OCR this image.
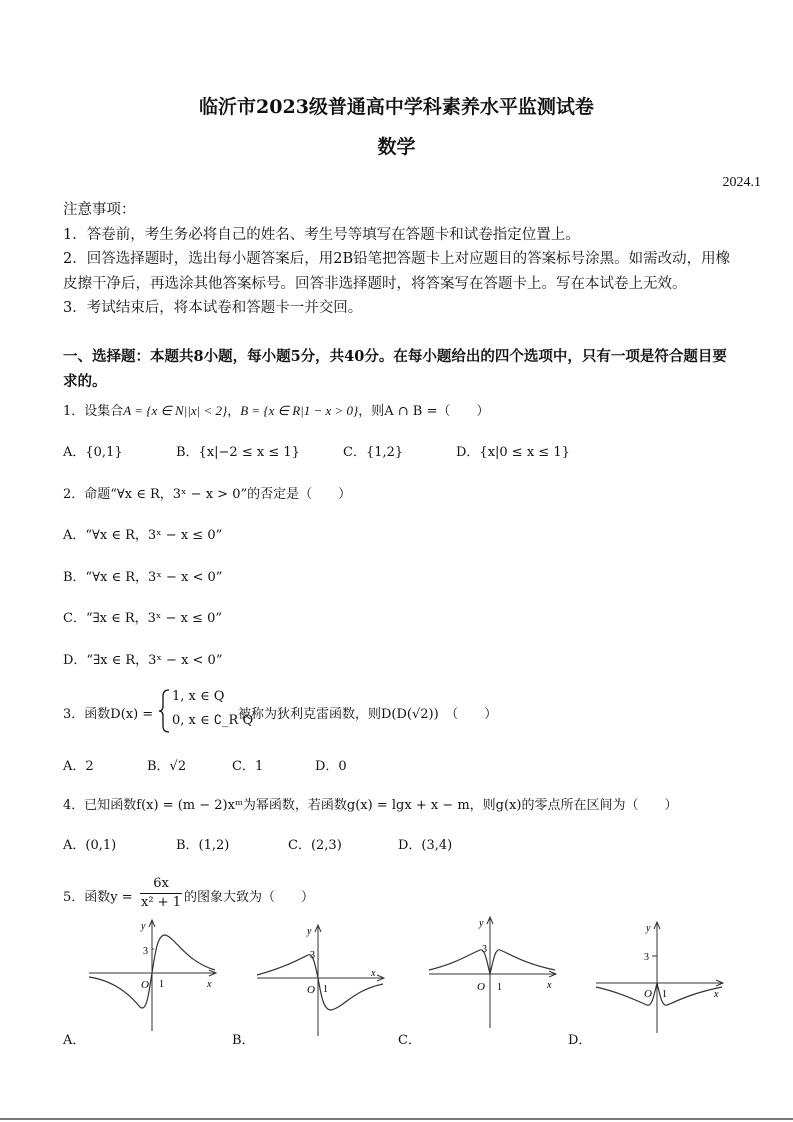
临沂市2023级普通高中学科素养水平监测试卷
数学
2024.1
注意事项：
1．答卷前，考生务必将自己的姓名、考生号等填写在答题卡和试卷指定位置上。
2．回答选择题时，选出每小题答案后，用2B铅笔把答题卡上对应题目的答案标号涂黑。如需改动，用橡皮擦干净后，再选涂其他答案标号。回答非选择题时，将答案写在答题卡上。写在本试卷上无效。
3．考试结束后，将本试卷和答题卡一并交回。
一、选择题：本题共8小题，每小题5分，共40分。在每小题给出的四个选项中，只有一项是符合题目要求的。
1．设集合A = {x ∈ N||x| < 2}，B = {x ∈ R|1 − x > 0}，则A ∩ B =（　　）
A．{0,1}	B．{x|−2 ≤ x ≤ 1}	C．{1,2}	D．{x|0 ≤ x ≤ 1}
2．命题“∀x ∈ R，3ˣ − x > 0”的否定是（　　）
A．“∀x ∈ R，3ˣ − x ≤ 0”
B．“∀x ∈ R，3ˣ − x < 0”
C．“∃x ∈ R，3ˣ − x ≤ 0”
D．“∃x ∈ R，3ˣ − x < 0”
3．函数D(x) =
1, x ∈ Q
0, x ∈ ∁_R Q
被称为狄利克雷函数，则D(D(√2))　（　　）
A．2	B．√2	C．1	D．0
4．已知函数f(x) = (m − 2)xᵐ为幂函数，若函数g(x) = lgx + x − m，则g(x)的零点所在区间为（　　）
A．(0,1)	B．(1,2)	C．(2,3)	D．(3,4)
5．函数y =
6x
x² + 1 的图象大致为（　　）
y
x
O
3
1
A．
y
x
O
3
1
B．
y
x
O
3
1
C．
y
x
O
3
1
D．
